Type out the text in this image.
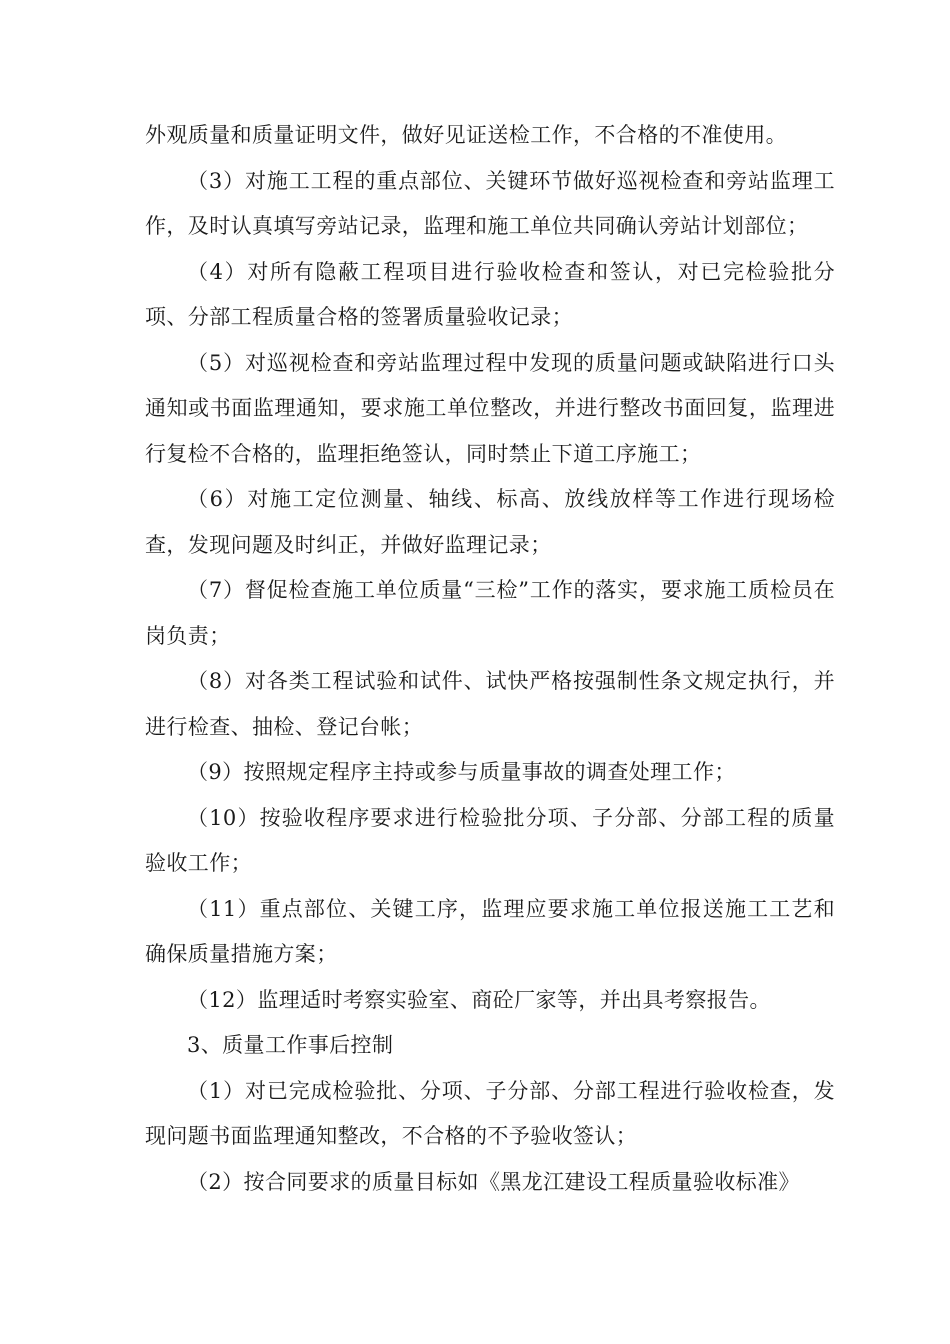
外观质量和质量证明文件，做好见证送检工作，不合格的不准使用。

（3）对施工工程的重点部位、关键环节做好巡视检查和旁站监理工作，及时认真填写旁站记录，监理和施工单位共同确认旁站计划部位；

（4）对所有隐蔽工程项目进行验收检查和签认，对已完检验批分项、分部工程质量合格的签署质量验收记录；

（5）对巡视检查和旁站监理过程中发现的质量问题或缺陷进行口头通知或书面监理通知，要求施工单位整改，并进行整改书面回复，监理进行复检不合格的，监理拒绝签认，同时禁止下道工序施工；

（6）对施工定位测量、轴线、标高、放线放样等工作进行现场检查，发现问题及时纠正，并做好监理记录；

（7）督促检查施工单位质量“三检”工作的落实，要求施工质检员在岗负责；

（8）对各类工程试验和试件、试快严格按强制性条文规定执行，并进行检查、抽检、登记台帐；

（9）按照规定程序主持或参与质量事故的调查处理工作；

（10）按验收程序要求进行检验批分项、子分部、分部工程的质量验收工作；

（11）重点部位、关键工序，监理应要求施工单位报送施工工艺和确保质量措施方案；

（12）监理适时考察实验室、商砼厂家等，并出具考察报告。

3、质量工作事后控制

（1）对已完成检验批、分项、子分部、分部工程进行验收检查，发现问题书面监理通知整改，不合格的不予验收签认；

（2）按合同要求的质量目标如《黑龙江建设工程质量验收标准》
